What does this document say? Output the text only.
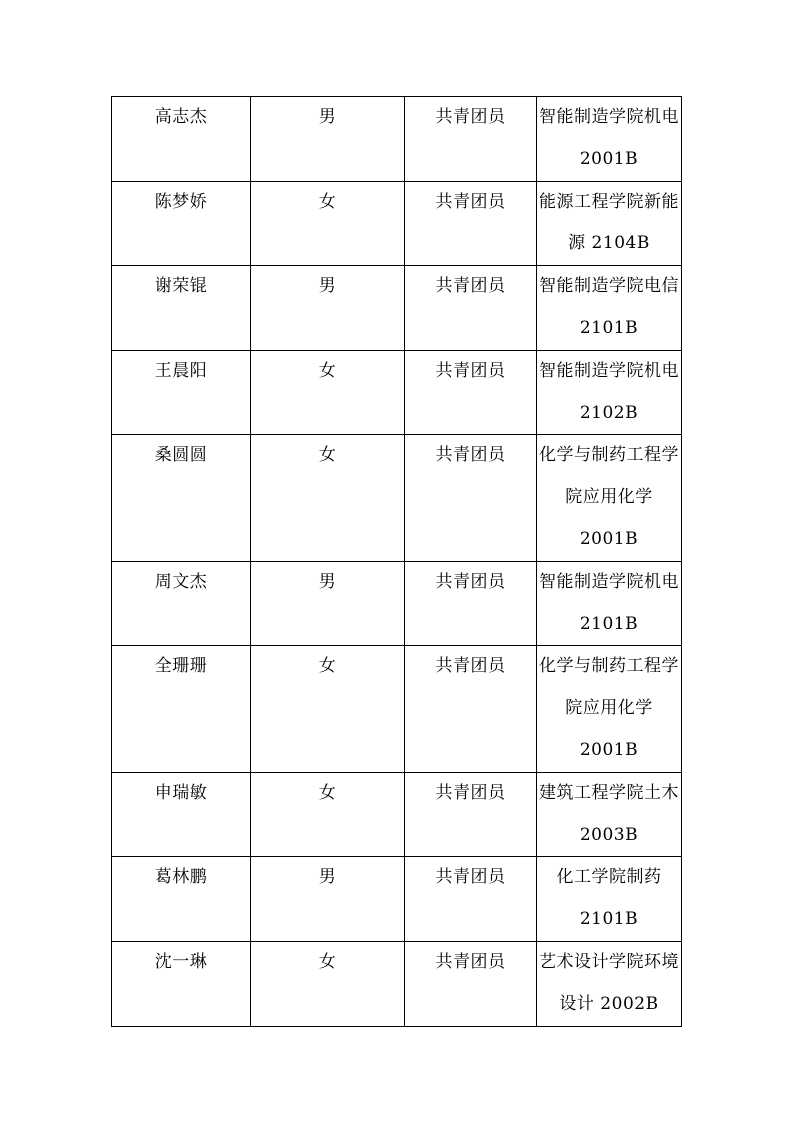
高志杰	男	共青团员	智能制造学院机电 2001B
陈梦娇	女	共青团员	能源工程学院新能源 2104B
谢荣锟	男	共青团员	智能制造学院电信 2101B
王晨阳	女	共青团员	智能制造学院机电 2102B
桑圆圆	女	共青团员	化学与制药工程学院应用化学 2001B
周文杰	男	共青团员	智能制造学院机电 2101B
全珊珊	女	共青团员	化学与制药工程学院应用化学 2001B
申瑞敏	女	共青团员	建筑工程学院土木 2003B
葛林鹏	男	共青团员	化工学院制药 2101B
沈一琳	女	共青团员	艺术设计学院环境设计 2002B
